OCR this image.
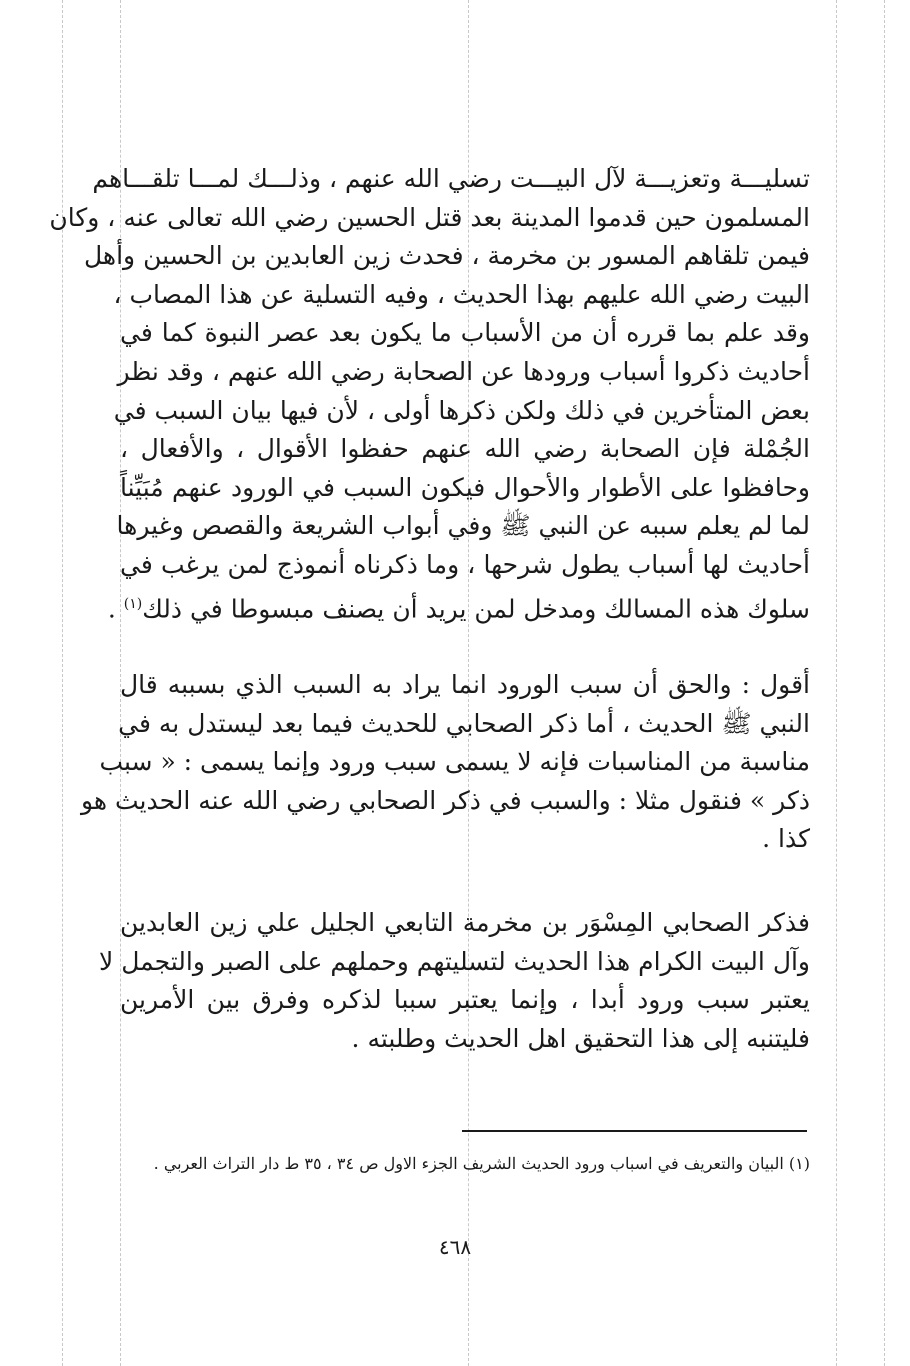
تسليـــة وتعزيـــة لآل البيـــت رضي الله عنهم ، وذلـــك لمـــا تلقـــاهم
المسلمون حين قدموا المدينة بعد قتل الحسين رضي الله تعالى عنه ، وكان
فيمن تلقاهم المسور بن مخرمة ، فحدث زين العابدين بن الحسين وأهل
البيت رضي الله عليهم بهذا الحديث ، وفيه التسلية عن هذا المصاب ،
وقد علم بما قرره أن من الأسباب ما يكون بعد عصر النبوة كما في
أحاديث ذكروا أسباب ورودها عن الصحابة رضي الله عنهم ، وقد نظر
بعض المتأخرين في ذلك ولكن ذكرها أولى ، لأن فيها بيان السبب في
الجُمْلة فإن الصحابة رضي الله عنهم حفظوا الأقوال ، والأفعال ،
وحافظوا على الأطوار والأحوال فيكون السبب في الورود عنهم مُبَيِّناً
لما لم يعلم سببه عن النبي ﷺ وفي أبواب الشريعة والقصص وغيرها
أحاديث لها أسباب يطول شرحها ، وما ذكرناه أنموذج لمن يرغب في
سلوك هذه المسالك ومدخل لمن يريد أن يصنف مبسوطا في ذلك$^{(١)}$ .
أقول : والحق أن سبب الورود انما يراد به السبب الذي بسببه قال
النبي ﷺ الحديث ، أما ذكر الصحابي للحديث فيما بعد ليستدل به في
مناسبة من المناسبات فإنه لا يسمى سبب ورود وإنما يسمى : « سبب
ذكر » فنقول مثلا : والسبب في ذكر الصحابي رضي الله عنه الحديث هو
كذا .
فذكر الصحابي المِسْوَر بن مخرمة التابعي الجليل علي زين العابدين
وآل البيت الكرام هذا الحديث لتسليتهم وحملهم على الصبر والتجمل لا
يعتبر سبب ورود أبدا ، وإنما يعتبر سببا لذكره وفرق بين الأمرين
فليتنبه إلى هذا التحقيق اهل الحديث وطلبته .
(١) البيان والتعريف في اسباب ورود الحديث الشريف الجزء الاول ص ٣٤ ، ٣٥ ط دار التراث العربي .
٤٦٨
